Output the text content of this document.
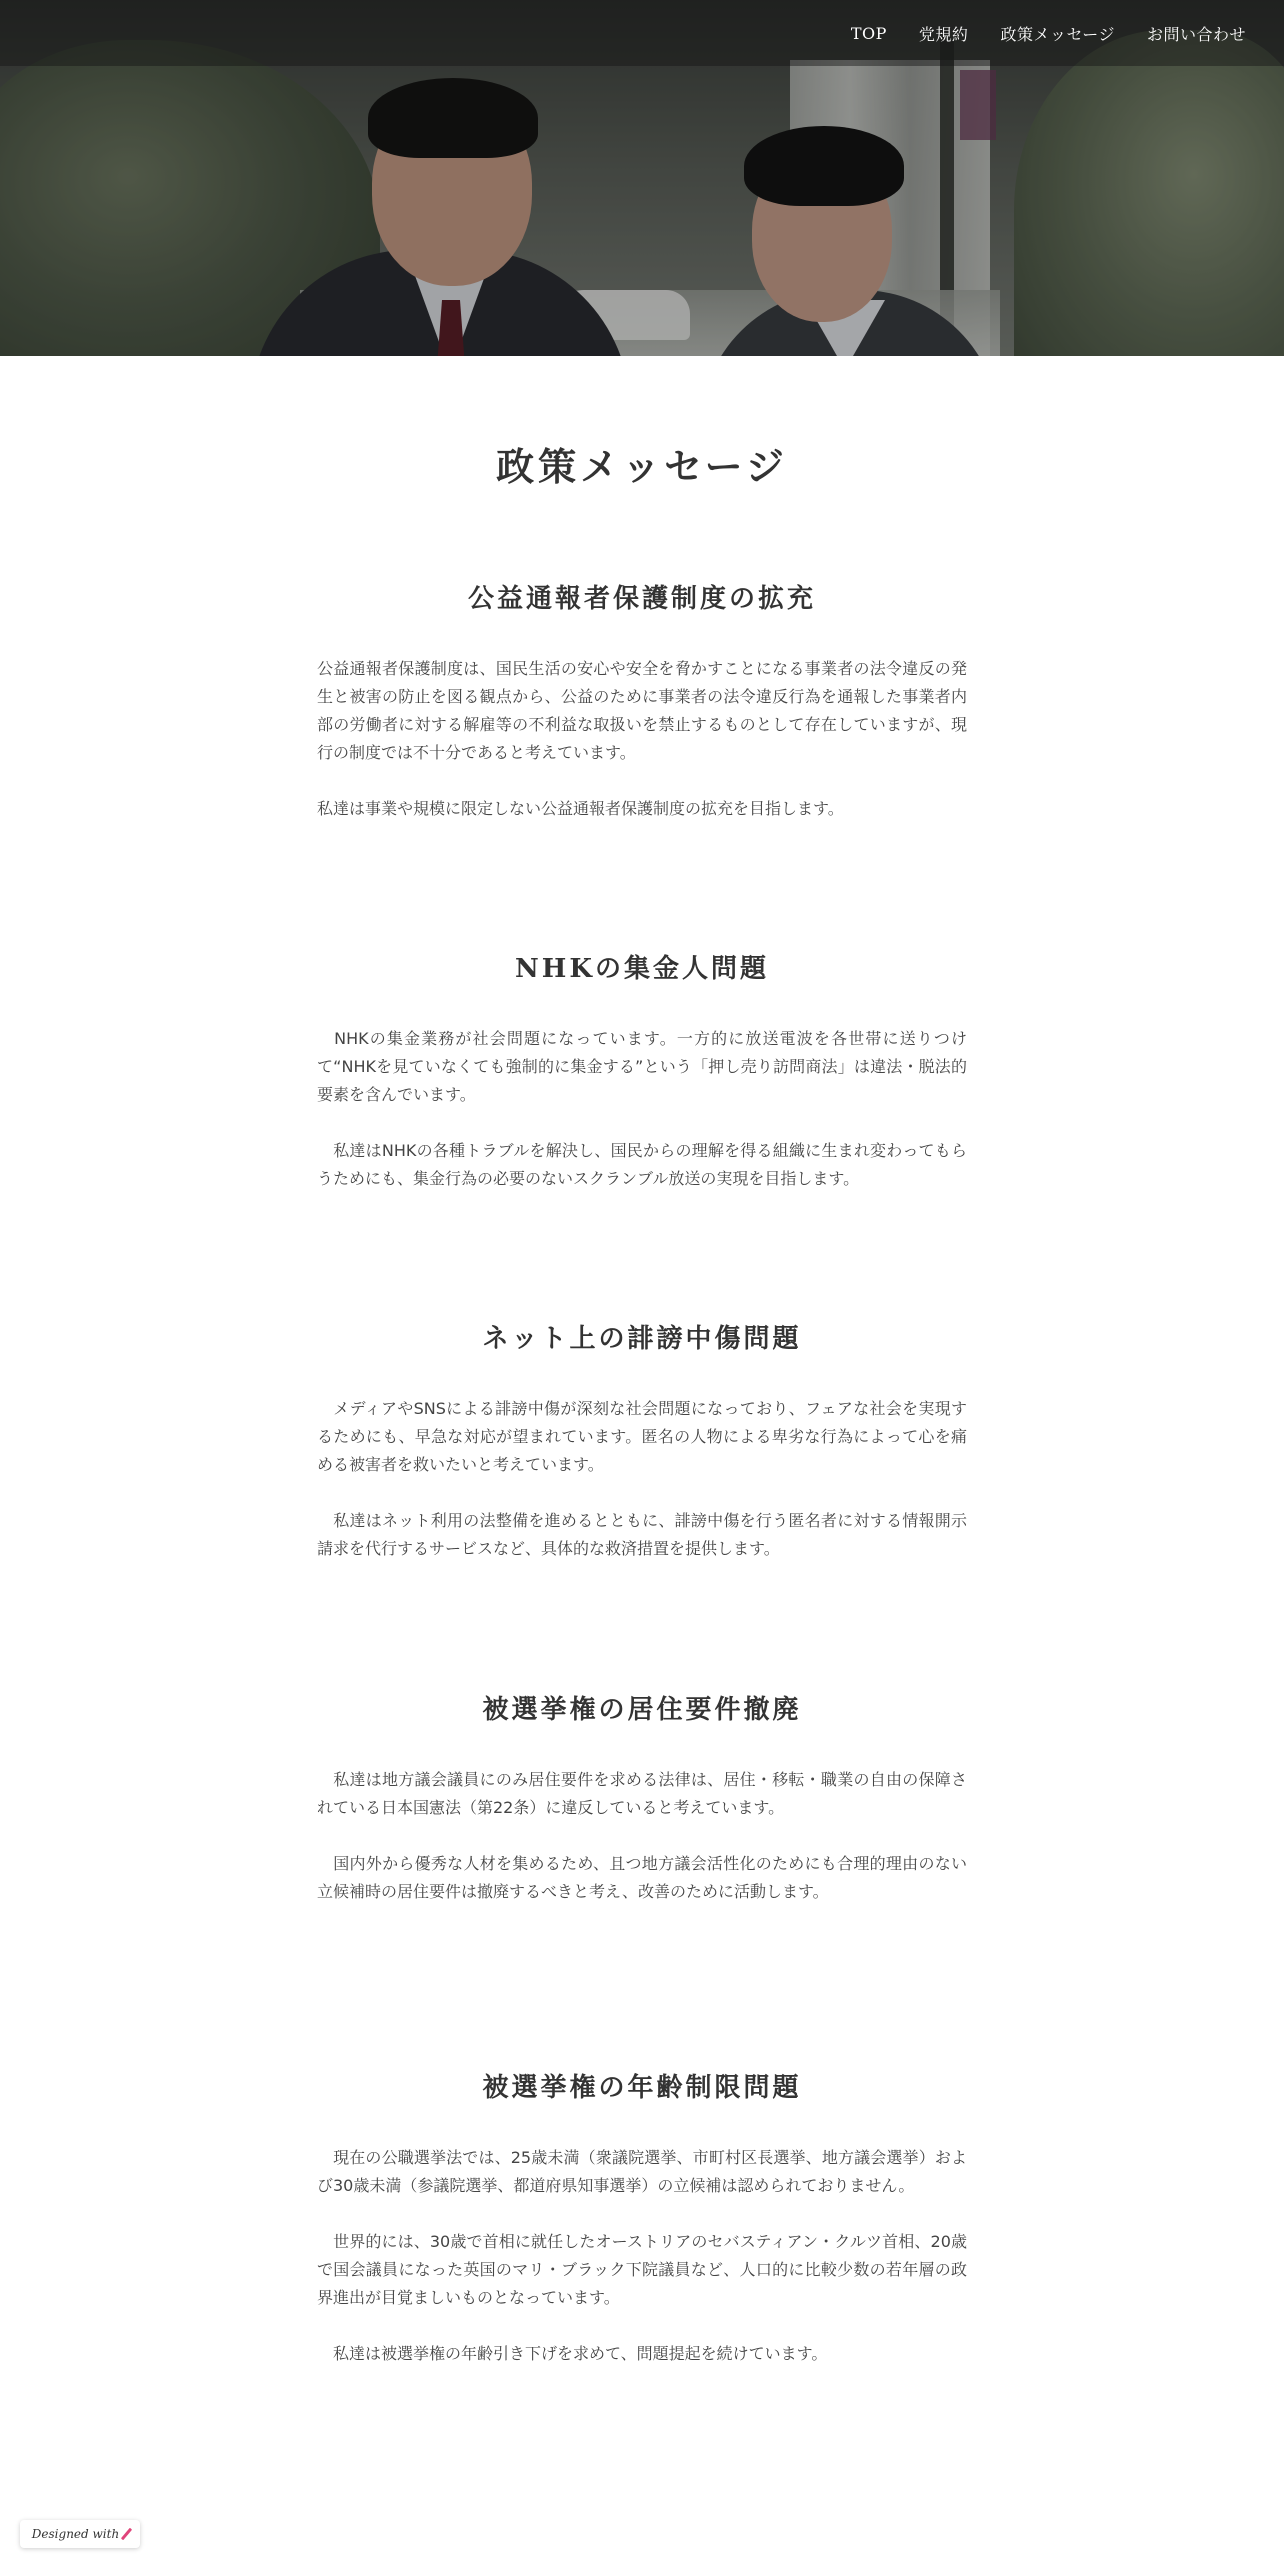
TOP 党規約 政策メッセージ お問い合わせ
政策メッセージ
公益通報者保護制度の拡充

公益通報者保護制度は、国民生活の安心や安全を脅かすことになる事業者の法令違反の発生と被害の防止を図る観点から、公益のために事業者の法令違反行為を通報した事業者内部の労働者に対する解雇等の不利益な取扱いを禁止するものとして存在していますが、現行の制度では不十分であると考えています。

私達は事業や規模に限定しない公益通報者保護制度の拡充を目指します。

NHKの集金人問題

　NHKの集金業務が社会問題になっています。一方的に放送電波を各世帯に送りつけて“NHKを見ていなくても強制的に集金する”という「押し売り訪問商法」は違法・脱法的要素を含んでいます。

　私達はNHKの各種トラブルを解決し、国民からの理解を得る組織に生まれ変わってもらうためにも、集金行為の必要のないスクランブル放送の実現を目指します。

ネット上の誹謗中傷問題

　メディアやSNSによる誹謗中傷が深刻な社会問題になっており、フェアな社会を実現するためにも、早急な対応が望まれています。匿名の人物による卑劣な行為によって心を痛める被害者を救いたいと考えています。

　私達はネット利用の法整備を進めるとともに、誹謗中傷を行う匿名者に対する情報開示請求を代行するサービスなど、具体的な救済措置を提供します。

被選挙権の居住要件撤廃

　私達は地方議会議員にのみ居住要件を求める法律は、居住・移転・職業の自由の保障されている日本国憲法（第22条）に違反していると考えています。

　国内外から優秀な人材を集めるため、且つ地方議会活性化のためにも合理的理由のない立候補時の居住要件は撤廃するべきと考え、改善のために活動します。

被選挙権の年齢制限問題

　現在の公職選挙法では、25歳未満（衆議院選挙、市町村区長選挙、地方議会選挙）および30歳未満（参議院選挙、都道府県知事選挙）の立候補は認められておりません。

　世界的には、30歳で首相に就任したオーストリアのセバスティアン・クルツ首相、20歳で国会議員になった英国のマリ・ブラック下院議員など、人口的に比較少数の若年層の政界進出が目覚ましいものとなっています。

　私達は被選挙権の年齢引き下げを求めて、問題提起を続けています。

Designed with
